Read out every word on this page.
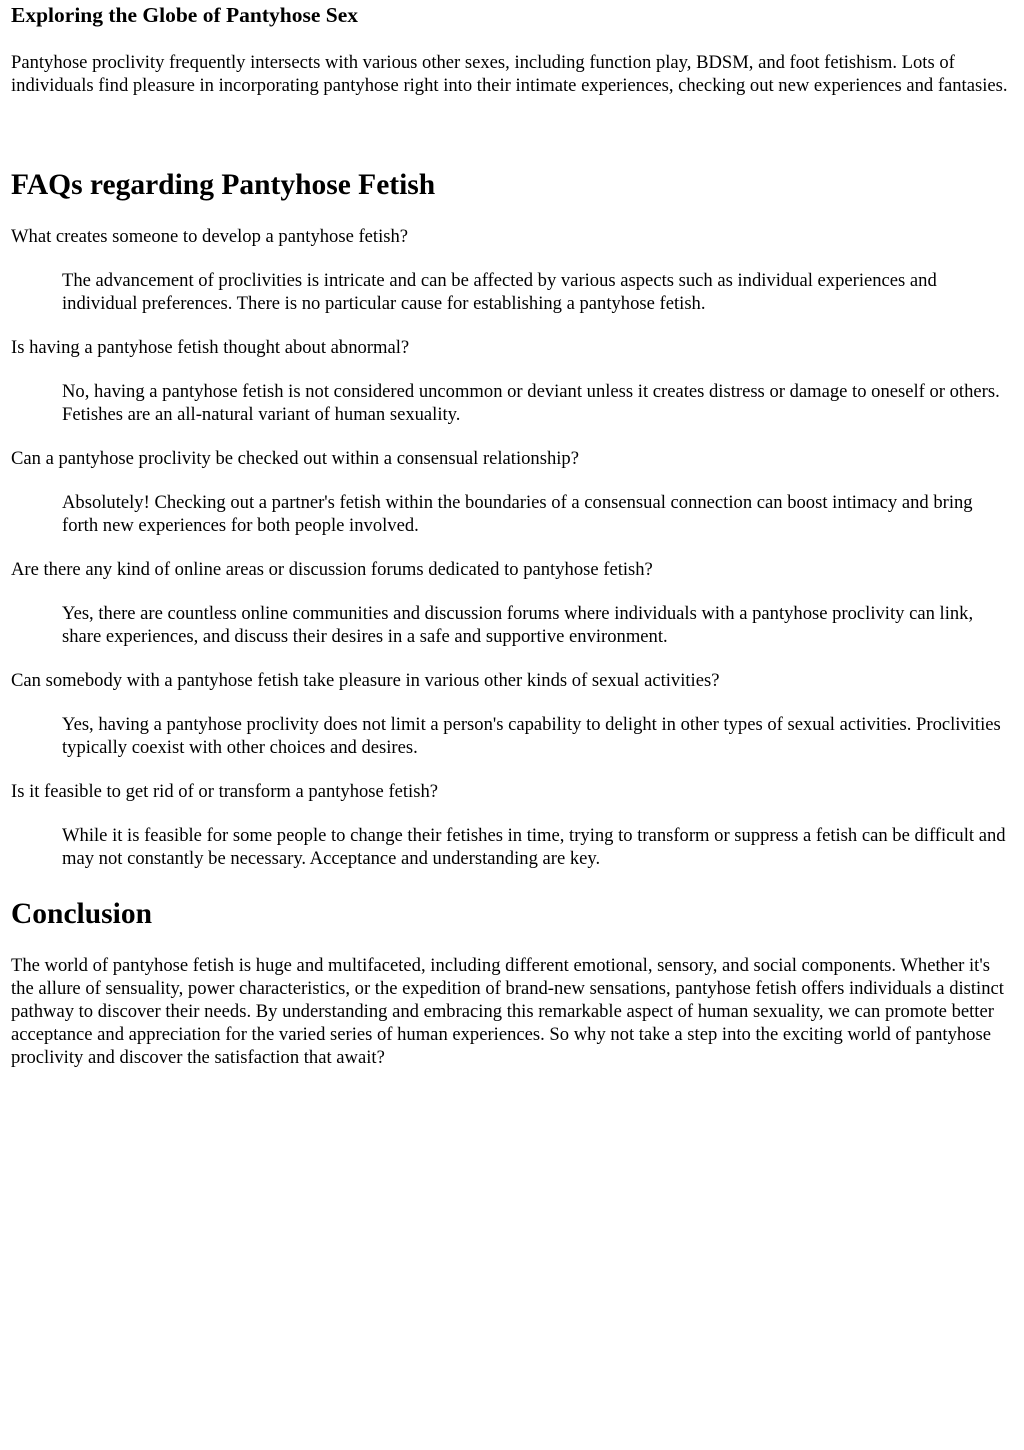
Exploring the Globe of Pantyhose Sex

Pantyhose proclivity frequently intersects with various other sexes, including function play, BDSM, and foot fetishism. Lots of individuals find pleasure in incorporating pantyhose right into their intimate experiences, checking out new experiences and fantasies.

FAQs regarding Pantyhose Fetish
What creates someone to develop a pantyhose fetish?
The advancement of proclivities is intricate and can be affected by various aspects such as individual experiences and individual preferences. There is no particular cause for establishing a pantyhose fetish.
Is having a pantyhose fetish thought about abnormal?
No, having a pantyhose fetish is not considered uncommon or deviant unless it creates distress or damage to oneself or others. Fetishes are an all-natural variant of human sexuality.
Can a pantyhose proclivity be checked out within a consensual relationship?
Absolutely! Checking out a partner's fetish within the boundaries of a consensual connection can boost intimacy and bring forth new experiences for both people involved.
Are there any kind of online areas or discussion forums dedicated to pantyhose fetish?
Yes, there are countless online communities and discussion forums where individuals with a pantyhose proclivity can link, share experiences, and discuss their desires in a safe and supportive environment.
Can somebody with a pantyhose fetish take pleasure in various other kinds of sexual activities?
Yes, having a pantyhose proclivity does not limit a person's capability to delight in other types of sexual activities. Proclivities typically coexist with other choices and desires.
Is it feasible to get rid of or transform a pantyhose fetish?
While it is feasible for some people to change their fetishes in time, trying to transform or suppress a fetish can be difficult and may not constantly be necessary. Acceptance and understanding are key.
Conclusion

The world of pantyhose fetish is huge and multifaceted, including different emotional, sensory, and social components. Whether it's the allure of sensuality, power characteristics, or the expedition of brand-new sensations, pantyhose fetish offers individuals a distinct pathway to discover their needs. By understanding and embracing this remarkable aspect of human sexuality, we can promote better acceptance and appreciation for the varied series of human experiences. So why not take a step into the exciting world of pantyhose proclivity and discover the satisfaction that await?
